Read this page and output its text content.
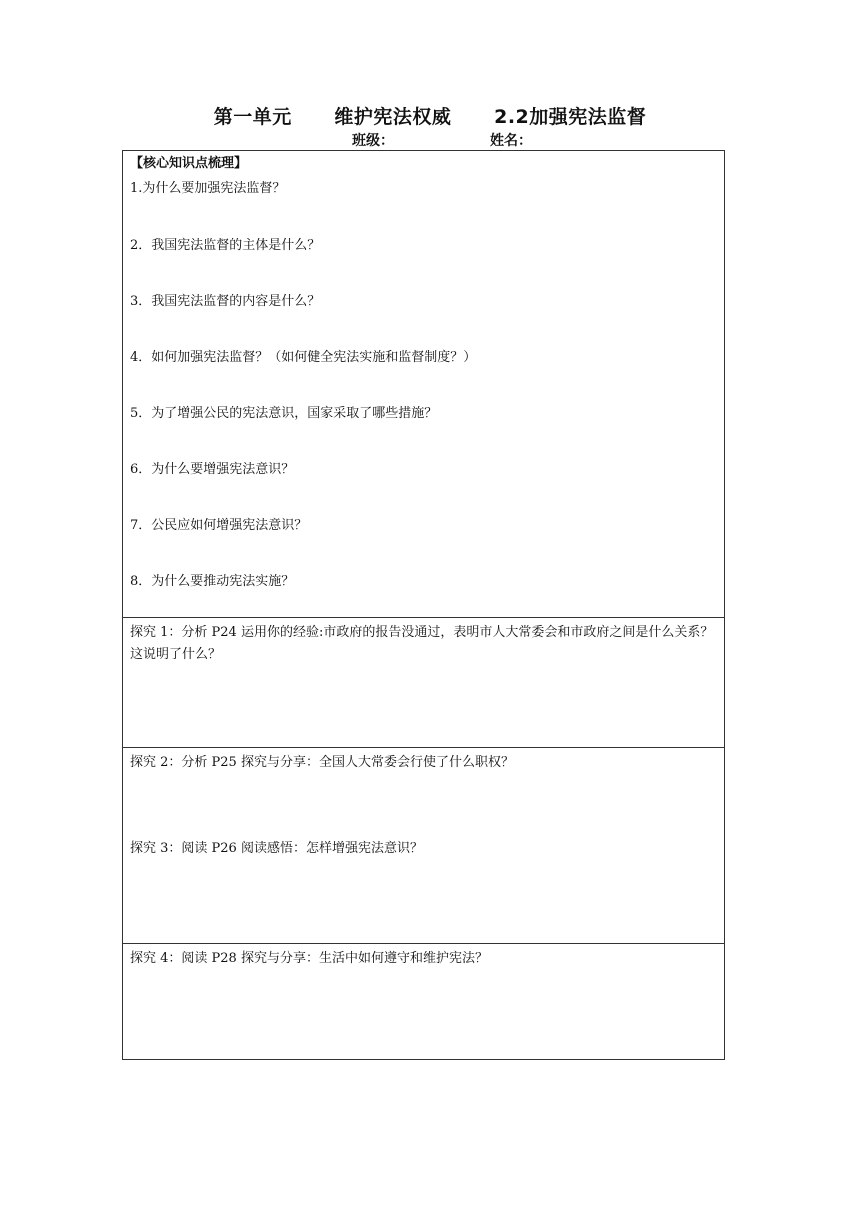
第一单元      维护宪法权威      2.2加强宪法监督
班级：	姓名：

【核心知识点梳理】

1.为什么要加强宪法监督？

2．我国宪法监督的主体是什么？

3．我国宪法监督的内容是什么？

4．如何加强宪法监督？（如何健全宪法实施和监督制度？）

5．为了增强公民的宪法意识，国家采取了哪些措施？

6．为什么要增强宪法意识？

7．公民应如何增强宪法意识？

8．为什么要推动宪法实施？

探究 1：分析 P24 运用你的经验:市政府的报告没通过，表明市人大常委会和市政府之间是什么关系？这说明了什么？

探究 2：分析 P25 探究与分享：全国人大常委会行使了什么职权？

探究 3：阅读 P26 阅读感悟：怎样增强宪法意识？

探究 4：阅读 P28 探究与分享：生活中如何遵守和维护宪法？
